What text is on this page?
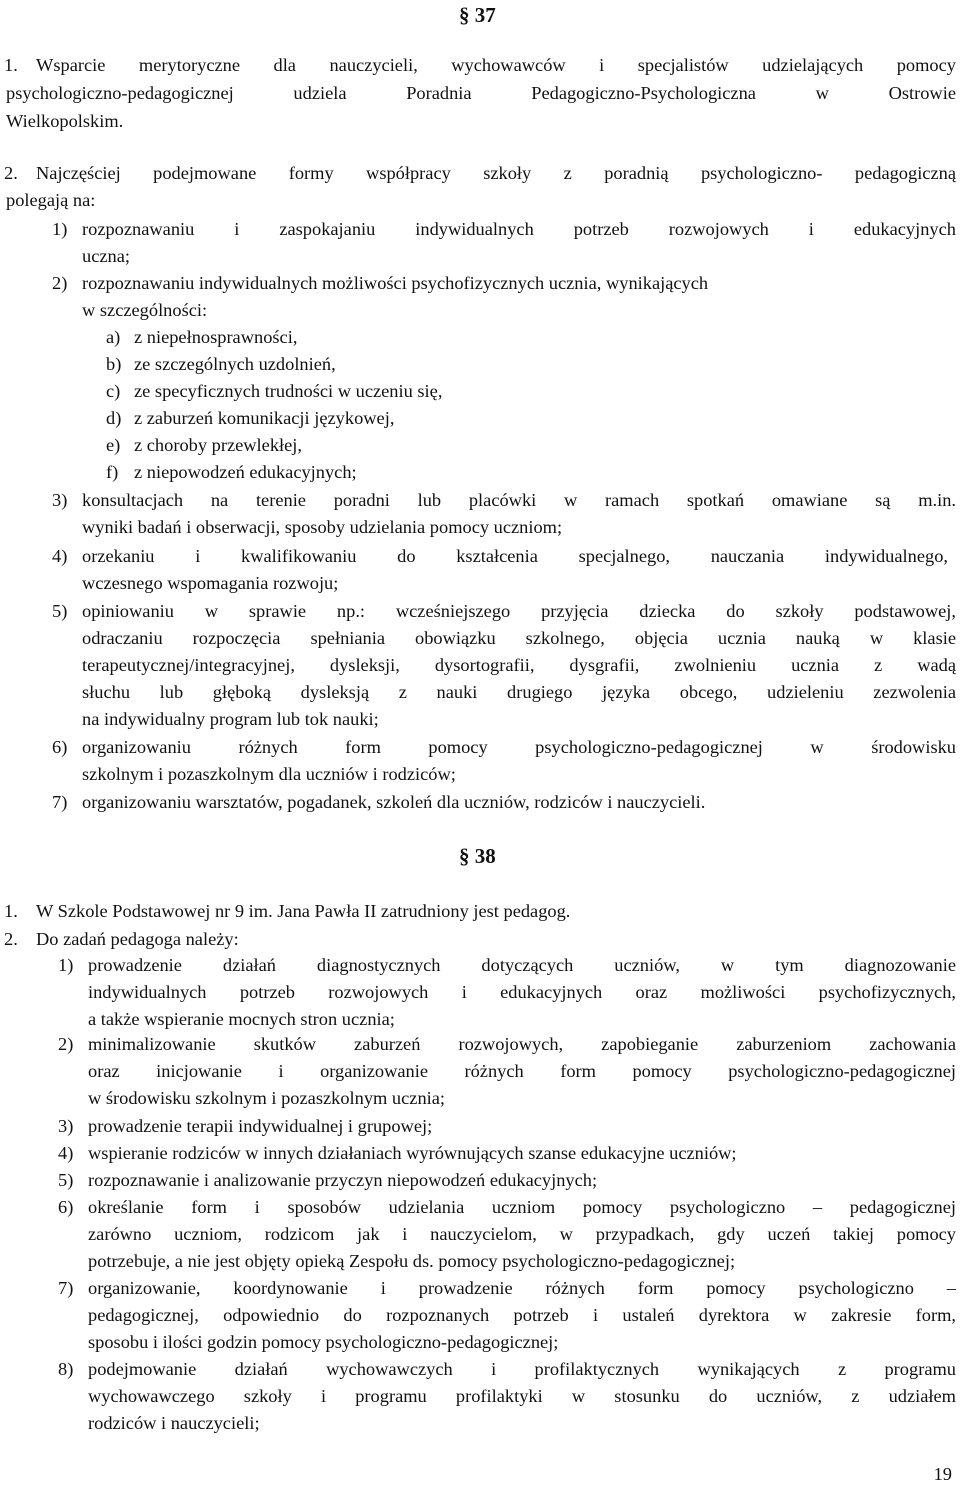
§ 37
1. Wsparcie merytoryczne dla nauczycieli, wychowawców i specjalistów udzielających pomocy
psychologiczno-pedagogicznej udziela Poradnia Pedagogiczno-Psychologiczna w Ostrowie
Wielkopolskim.
2. Najczęściej podejmowane formy współpracy szkoły z poradnią psychologiczno- pedagogiczną
polegają na:
1) rozpoznawaniu i zaspokajaniu indywidualnych potrzeb rozwojowych i edukacyjnych
uczna;
2) rozpoznawaniu indywidualnych możliwości psychofizycznych ucznia, wynikających
w szczególności:
a) z niepełnosprawności,
b) ze szczególnych uzdolnień,
c) ze specyficznych trudności w uczeniu się,
d) z zaburzeń komunikacji językowej,
e) z choroby przewlekłej,
f) z niepowodzeń edukacyjnych;
3) konsultacjach na terenie poradni lub placówki w ramach spotkań omawiane są m.in.
wyniki badań i obserwacji, sposoby udzielania pomocy uczniom;
4) orzekaniu i kwalifikowaniu do kształcenia specjalnego, nauczania indywidualnego,
wczesnego wspomagania rozwoju;
5) opiniowaniu w sprawie np.: wcześniejszego przyjęcia dziecka do szkoły podstawowej,
odraczaniu rozpoczęcia spełniania obowiązku szkolnego, objęcia ucznia nauką w klasie
terapeutycznej/integracyjnej, dysleksji, dysortografii, dysgrafii, zwolnieniu ucznia z wadą
słuchu lub głęboką dysleksją z nauki drugiego języka obcego, udzieleniu zezwolenia
na indywidualny program lub tok nauki;
6) organizowaniu różnych form pomocy psychologiczno-pedagogicznej w środowisku
szkolnym i pozaszkolnym dla uczniów i rodziców;
7) organizowaniu warsztatów, pogadanek, szkoleń dla uczniów, rodziców i nauczycieli.
§ 38
1. W Szkole Podstawowej nr 9 im. Jana Pawła II zatrudniony jest pedagog.
2. Do zadań pedagoga należy:
1) prowadzenie działań diagnostycznych dotyczących uczniów, w tym diagnozowanie
indywidualnych potrzeb rozwojowych i edukacyjnych oraz możliwości psychofizycznych,
a także wspieranie mocnych stron ucznia;
2) minimalizowanie skutków zaburzeń rozwojowych, zapobieganie zaburzeniom zachowania
oraz inicjowanie i organizowanie różnych form pomocy psychologiczno-pedagogicznej
w środowisku szkolnym i pozaszkolnym ucznia;
3) prowadzenie terapii indywidualnej i grupowej;
4) wspieranie rodziców w innych działaniach wyrównujących szanse edukacyjne uczniów;
5) rozpoznawanie i analizowanie przyczyn niepowodzeń edukacyjnych;
6) określanie form i sposobów udzielania uczniom pomocy psychologiczno – pedagogicznej
zarówno uczniom, rodzicom jak i nauczycielom, w przypadkach, gdy uczeń takiej pomocy
potrzebuje, a nie jest objęty opieką Zespołu ds. pomocy psychologiczno-pedagogicznej;
7) organizowanie, koordynowanie i prowadzenie różnych form pomocy psychologiczno –
pedagogicznej, odpowiednio do rozpoznanych potrzeb i ustaleń dyrektora w zakresie form,
sposobu i ilości godzin pomocy psychologiczno-pedagogicznej;
8) podejmowanie działań wychowawczych i profilaktycznych wynikających z programu
wychowawczego szkoły i programu profilaktyki w stosunku do uczniów, z udziałem
rodziców i nauczycieli;
19
